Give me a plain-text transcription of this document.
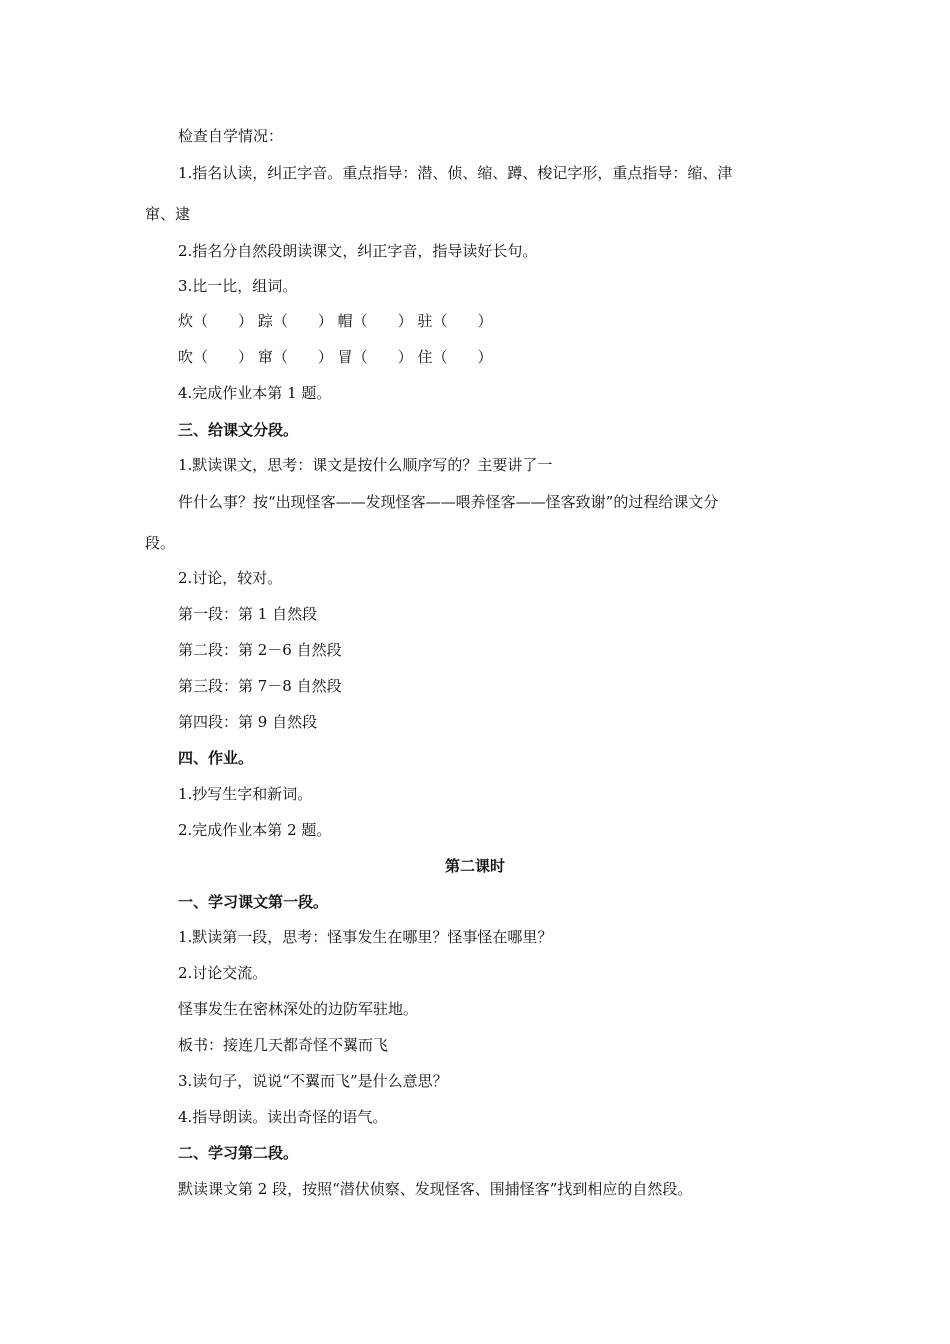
检查自学情况：
1.指名认读，纠正字音。重点指导：潜、侦、缩、蹲、梭记字形，重点指导：缩、津
窜、逮
2.指名分自然段朗读课文，纠正字音，指导读好长句。
3.比一比，组词。
炊（　　） 踪（　　） 帽（　　） 驻（　　）
吹（　　） 窜（　　） 冒（　　） 住（　　）
4.完成作业本第 1 题。
三、给课文分段。
1.默读课文，思考：课文是按什么顺序写的？主要讲了一
件什么事？按“出现怪客——发现怪客——喂养怪客——怪客致谢”的过程给课文分
段。
2.讨论，较对。
第一段：第 1 自然段
第二段：第 2－6 自然段
第三段：第 7－8 自然段
第四段：第 9 自然段
四、作业。
1.抄写生字和新词。
2.完成作业本第 2 题。
第二课时
一、学习课文第一段。
1.默读第一段，思考：怪事发生在哪里？怪事怪在哪里？
2.讨论交流。
怪事发生在密林深处的边防军驻地。
板书：接连几天都奇怪不翼而飞
3.读句子，说说“不翼而飞”是什么意思？
4.指导朗读。读出奇怪的语气。
二、学习第二段。
默读课文第 2 段，按照“潜伏侦察、发现怪客、围捕怪客”找到相应的自然段。
